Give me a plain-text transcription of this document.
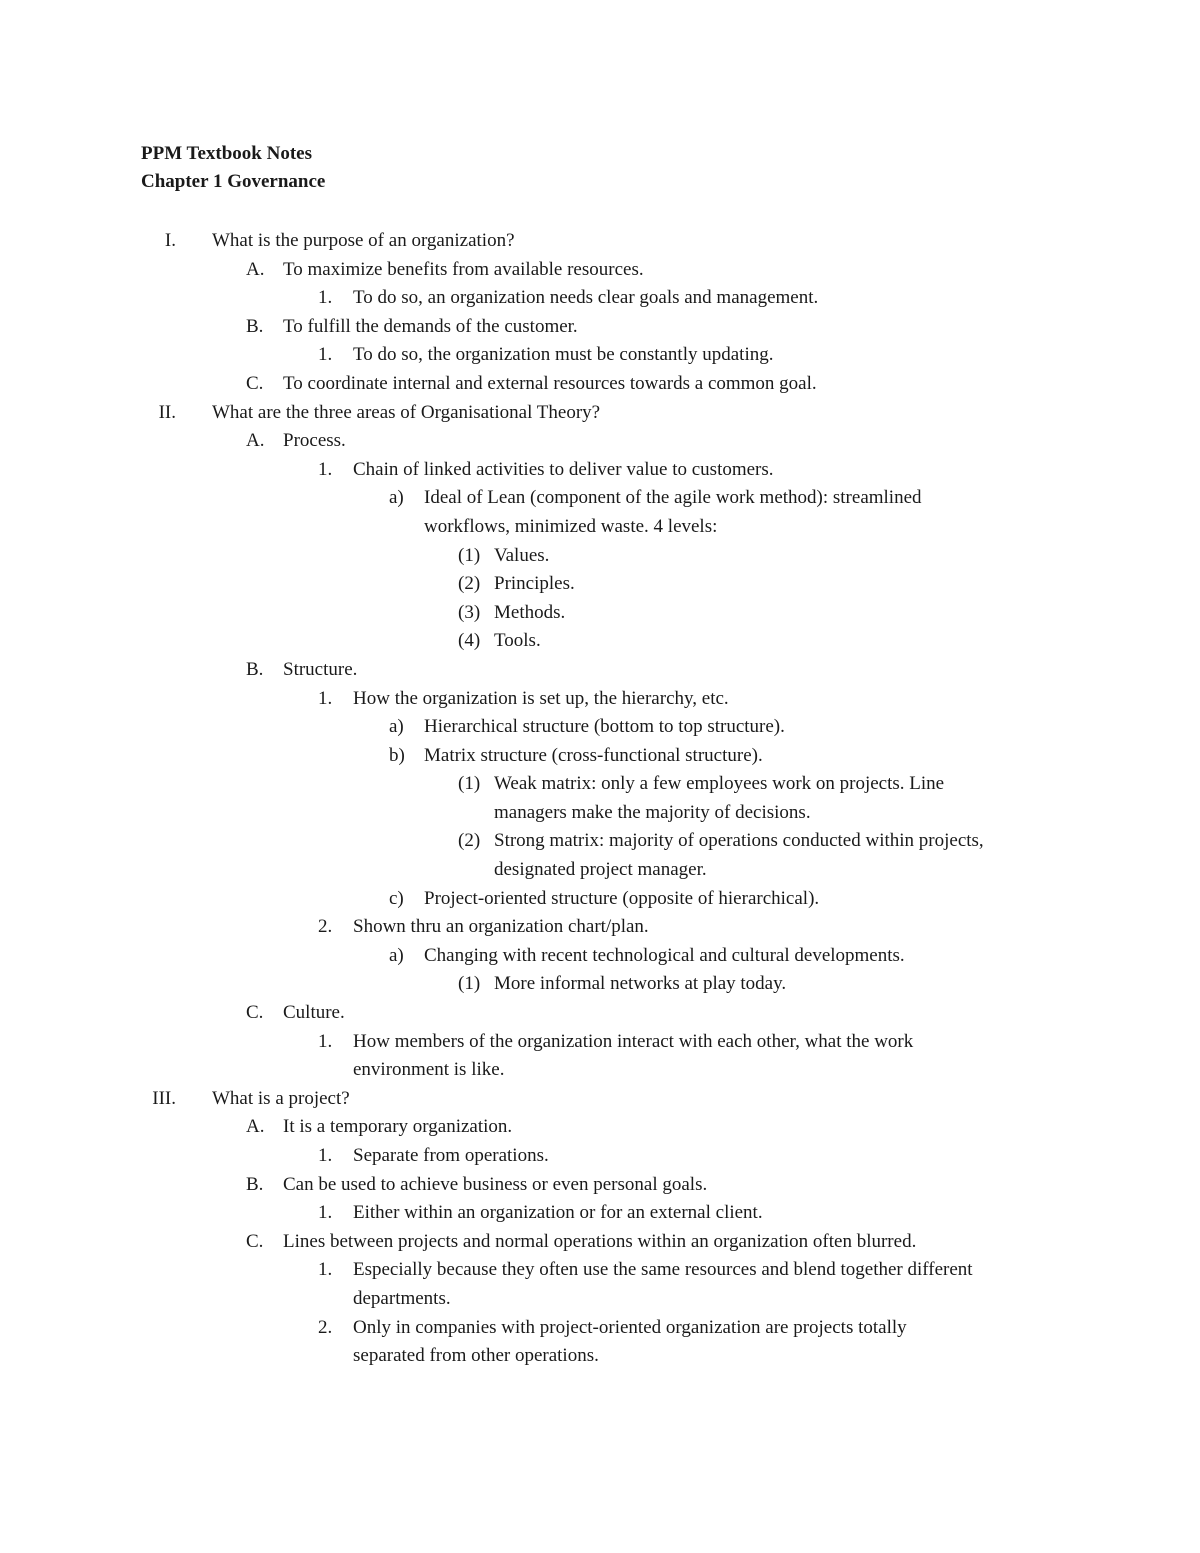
PPM Textbook Notes
Chapter 1 Governance
I. What is the purpose of an organization?
A. To maximize benefits from available resources.
1. To do so, an organization needs clear goals and management.
B. To fulfill the demands of the customer.
1. To do so, the organization must be constantly updating.
C. To coordinate internal and external resources towards a common goal.
II. What are the three areas of Organisational Theory?
A. Process.
1. Chain of linked activities to deliver value to customers.
a) Ideal of Lean (component of the agile work method): streamlined
workflows, minimized waste. 4 levels:
(1) Values.
(2) Principles.
(3) Methods.
(4) Tools.
B. Structure.
1. How the organization is set up, the hierarchy, etc.
a) Hierarchical structure (bottom to top structure).
b) Matrix structure (cross-functional structure).
(1) Weak matrix: only a few employees work on projects. Line
managers make the majority of decisions.
(2) Strong matrix: majority of operations conducted within projects,
designated project manager.
c) Project-oriented structure (opposite of hierarchical).
2. Shown thru an organization chart/plan.
a) Changing with recent technological and cultural developments.
(1) More informal networks at play today.
C. Culture.
1. How members of the organization interact with each other, what the work
environment is like.
III. What is a project?
A. It is a temporary organization.
1. Separate from operations.
B. Can be used to achieve business or even personal goals.
1. Either within an organization or for an external client.
C. Lines between projects and normal operations within an organization often blurred.
1. Especially because they often use the same resources and blend together different
departments.
2. Only in companies with project-oriented organization are projects totally
separated from other operations.
